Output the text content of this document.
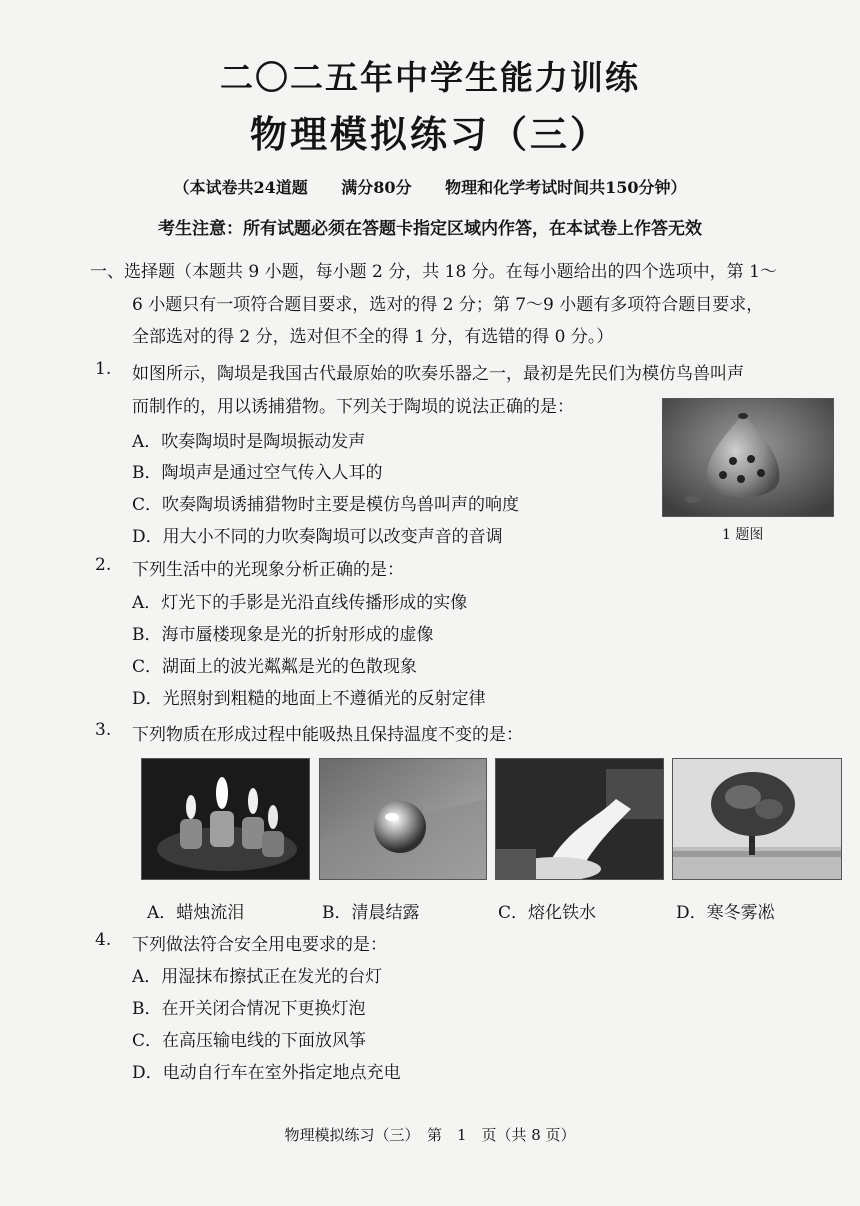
二〇二五年中学生能力训练
物理模拟练习（三）
（本试卷共24道题 满分80分 物理和化学考试时间共150分钟）
考生注意：所有试题必须在答题卡指定区域内作答，在本试卷上作答无效
一、选择题（本题共 9 小题，每小题 2 分，共 18 分。在每小题给出的四个选项中，第 1～
6 小题只有一项符合题目要求，选对的得 2 分；第 7～9 小题有多项符合题目要求，
全部选对的得 2 分，选对但不全的得 1 分，有选错的得 0 分。）
1. 如图所示，陶埙是我国古代最原始的吹奏乐器之一，最初是先民们为模仿鸟兽叫声
而制作的，用以诱捕猎物。下列关于陶埙的说法正确的是：
A．吹奏陶埙时是陶埙振动发声
B．陶埙声是通过空气传入人耳的
C．吹奏陶埙诱捕猎物时主要是模仿鸟兽叫声的响度
D．用大小不同的力吹奏陶埙可以改变声音的音调	1 题图
2. 下列生活中的光现象分析正确的是：
A．灯光下的手影是光沿直线传播形成的实像
B．海市蜃楼现象是光的折射形成的虚像
C．湖面上的波光粼粼是光的色散现象
D．光照射到粗糙的地面上不遵循光的反射定律
3. 下列物质在形成过程中能吸热且保持温度不变的是：
A．蜡烛流泪	B．清晨结露	C．熔化铁水	D．寒冬雾凇
4. 下列做法符合安全用电要求的是：
A．用湿抹布擦拭正在发光的台灯
B．在开关闭合情况下更换灯泡
C．在高压输电线的下面放风筝
D．电动自行车在室外指定地点充电
物理模拟练习（三）　第　1　页（共 8 页）
